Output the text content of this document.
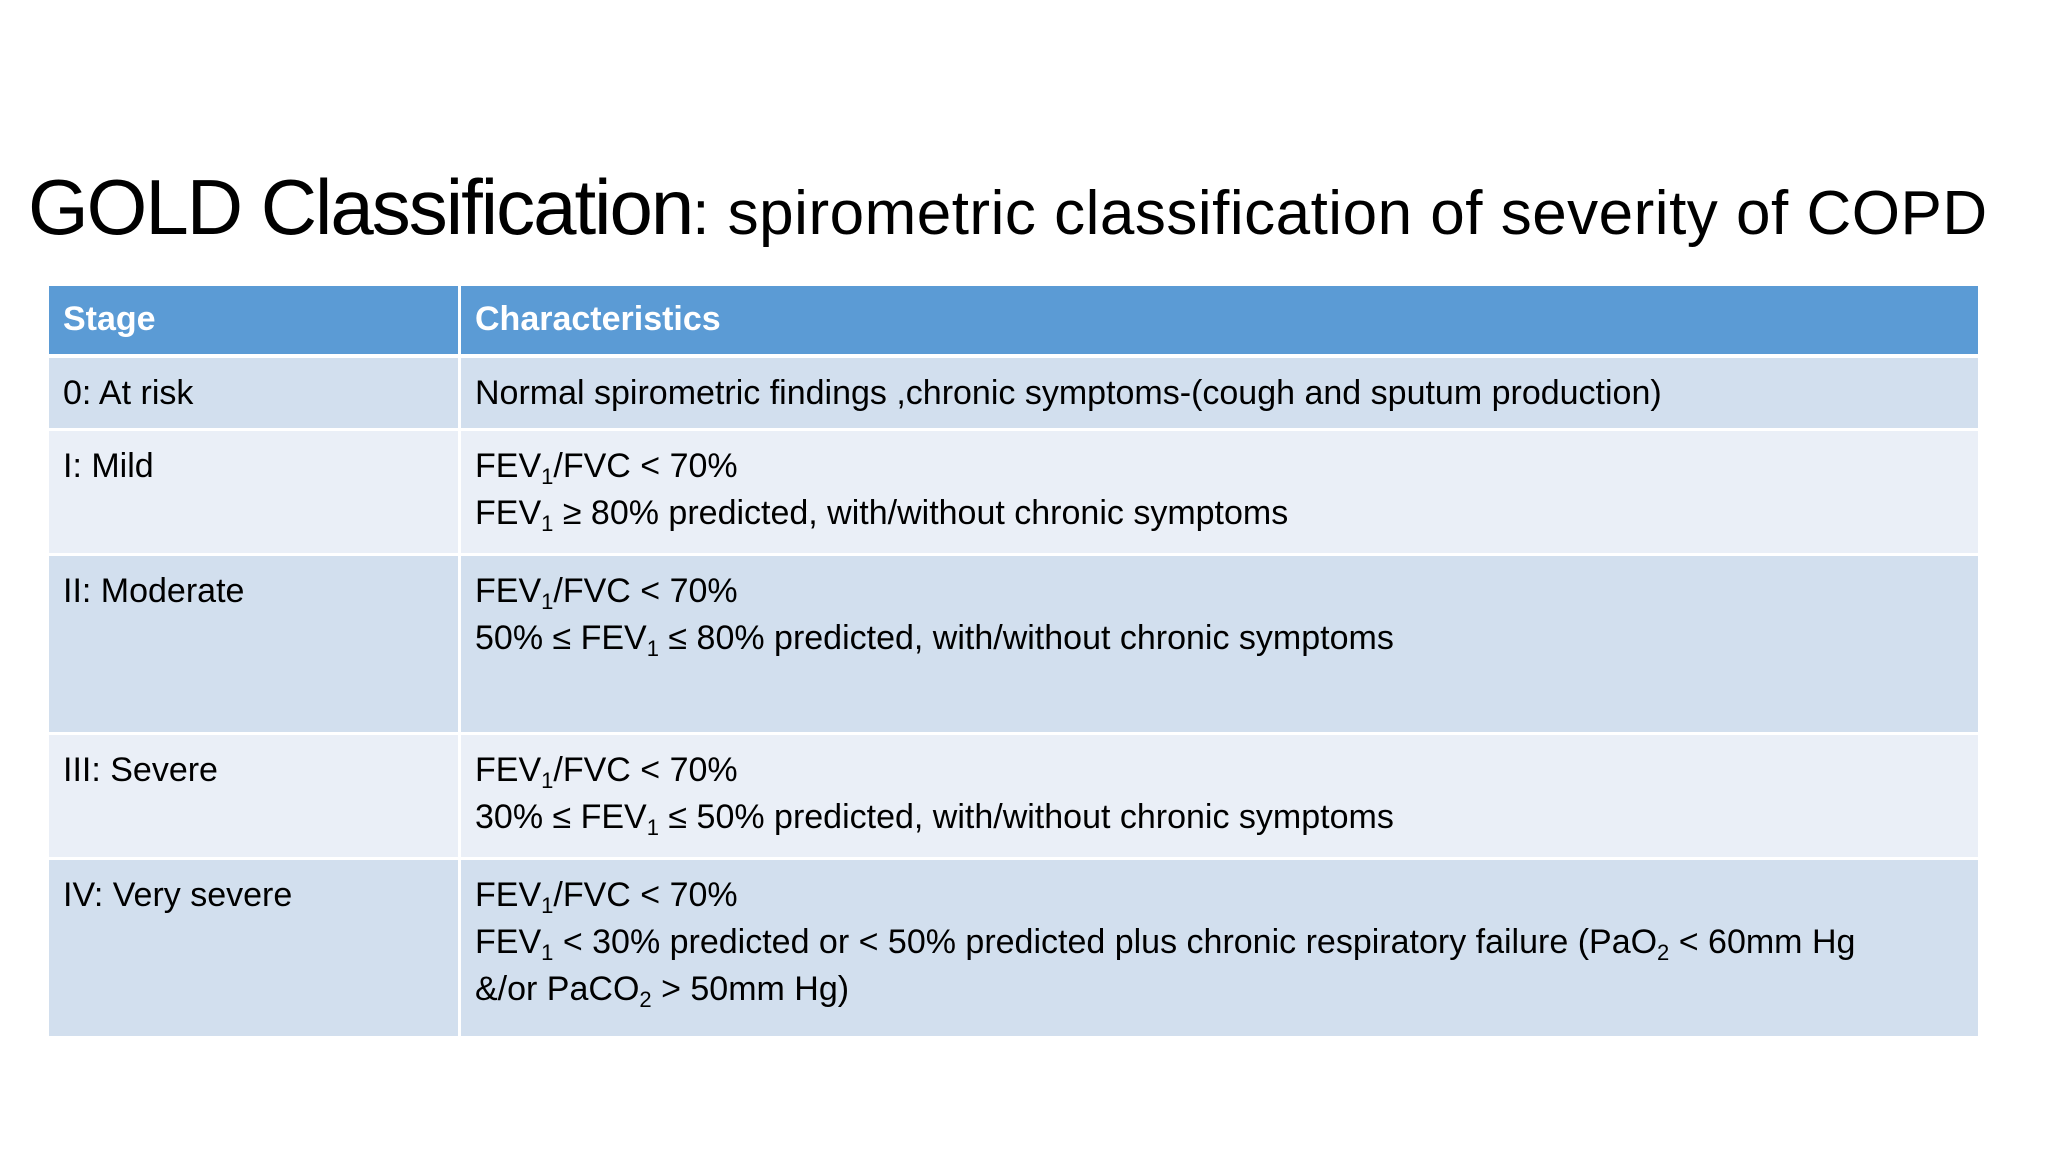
GOLD Classification: spirometric classification of severity of COPD
Stage	Characteristics
0: At risk	Normal spirometric findings ,chronic symptoms-(cough and sputum production)

I: Mild	$FEV_1$/FVC < 70%
$FEV_1 \ge 80\%$ predicted, with/without chronic symptoms

II: Moderate	$FEV_1$/FVC < 70%
$50\% \le FEV_1 \le 80\%$ predicted, with/without chronic symptoms

III: Severe	$FEV_1$/FVC < 70%
$30\% \le FEV_1 \le 50\%$ predicted, with/without chronic symptoms

IV: Very severe	$FEV_1$/FVC < 70%
$FEV_1 < 30\%$ predicted or < 50% predicted plus chronic respiratory failure (PaO$_2$ < 60mm Hg
&/or PaCO$_2$ > 50mm Hg)
